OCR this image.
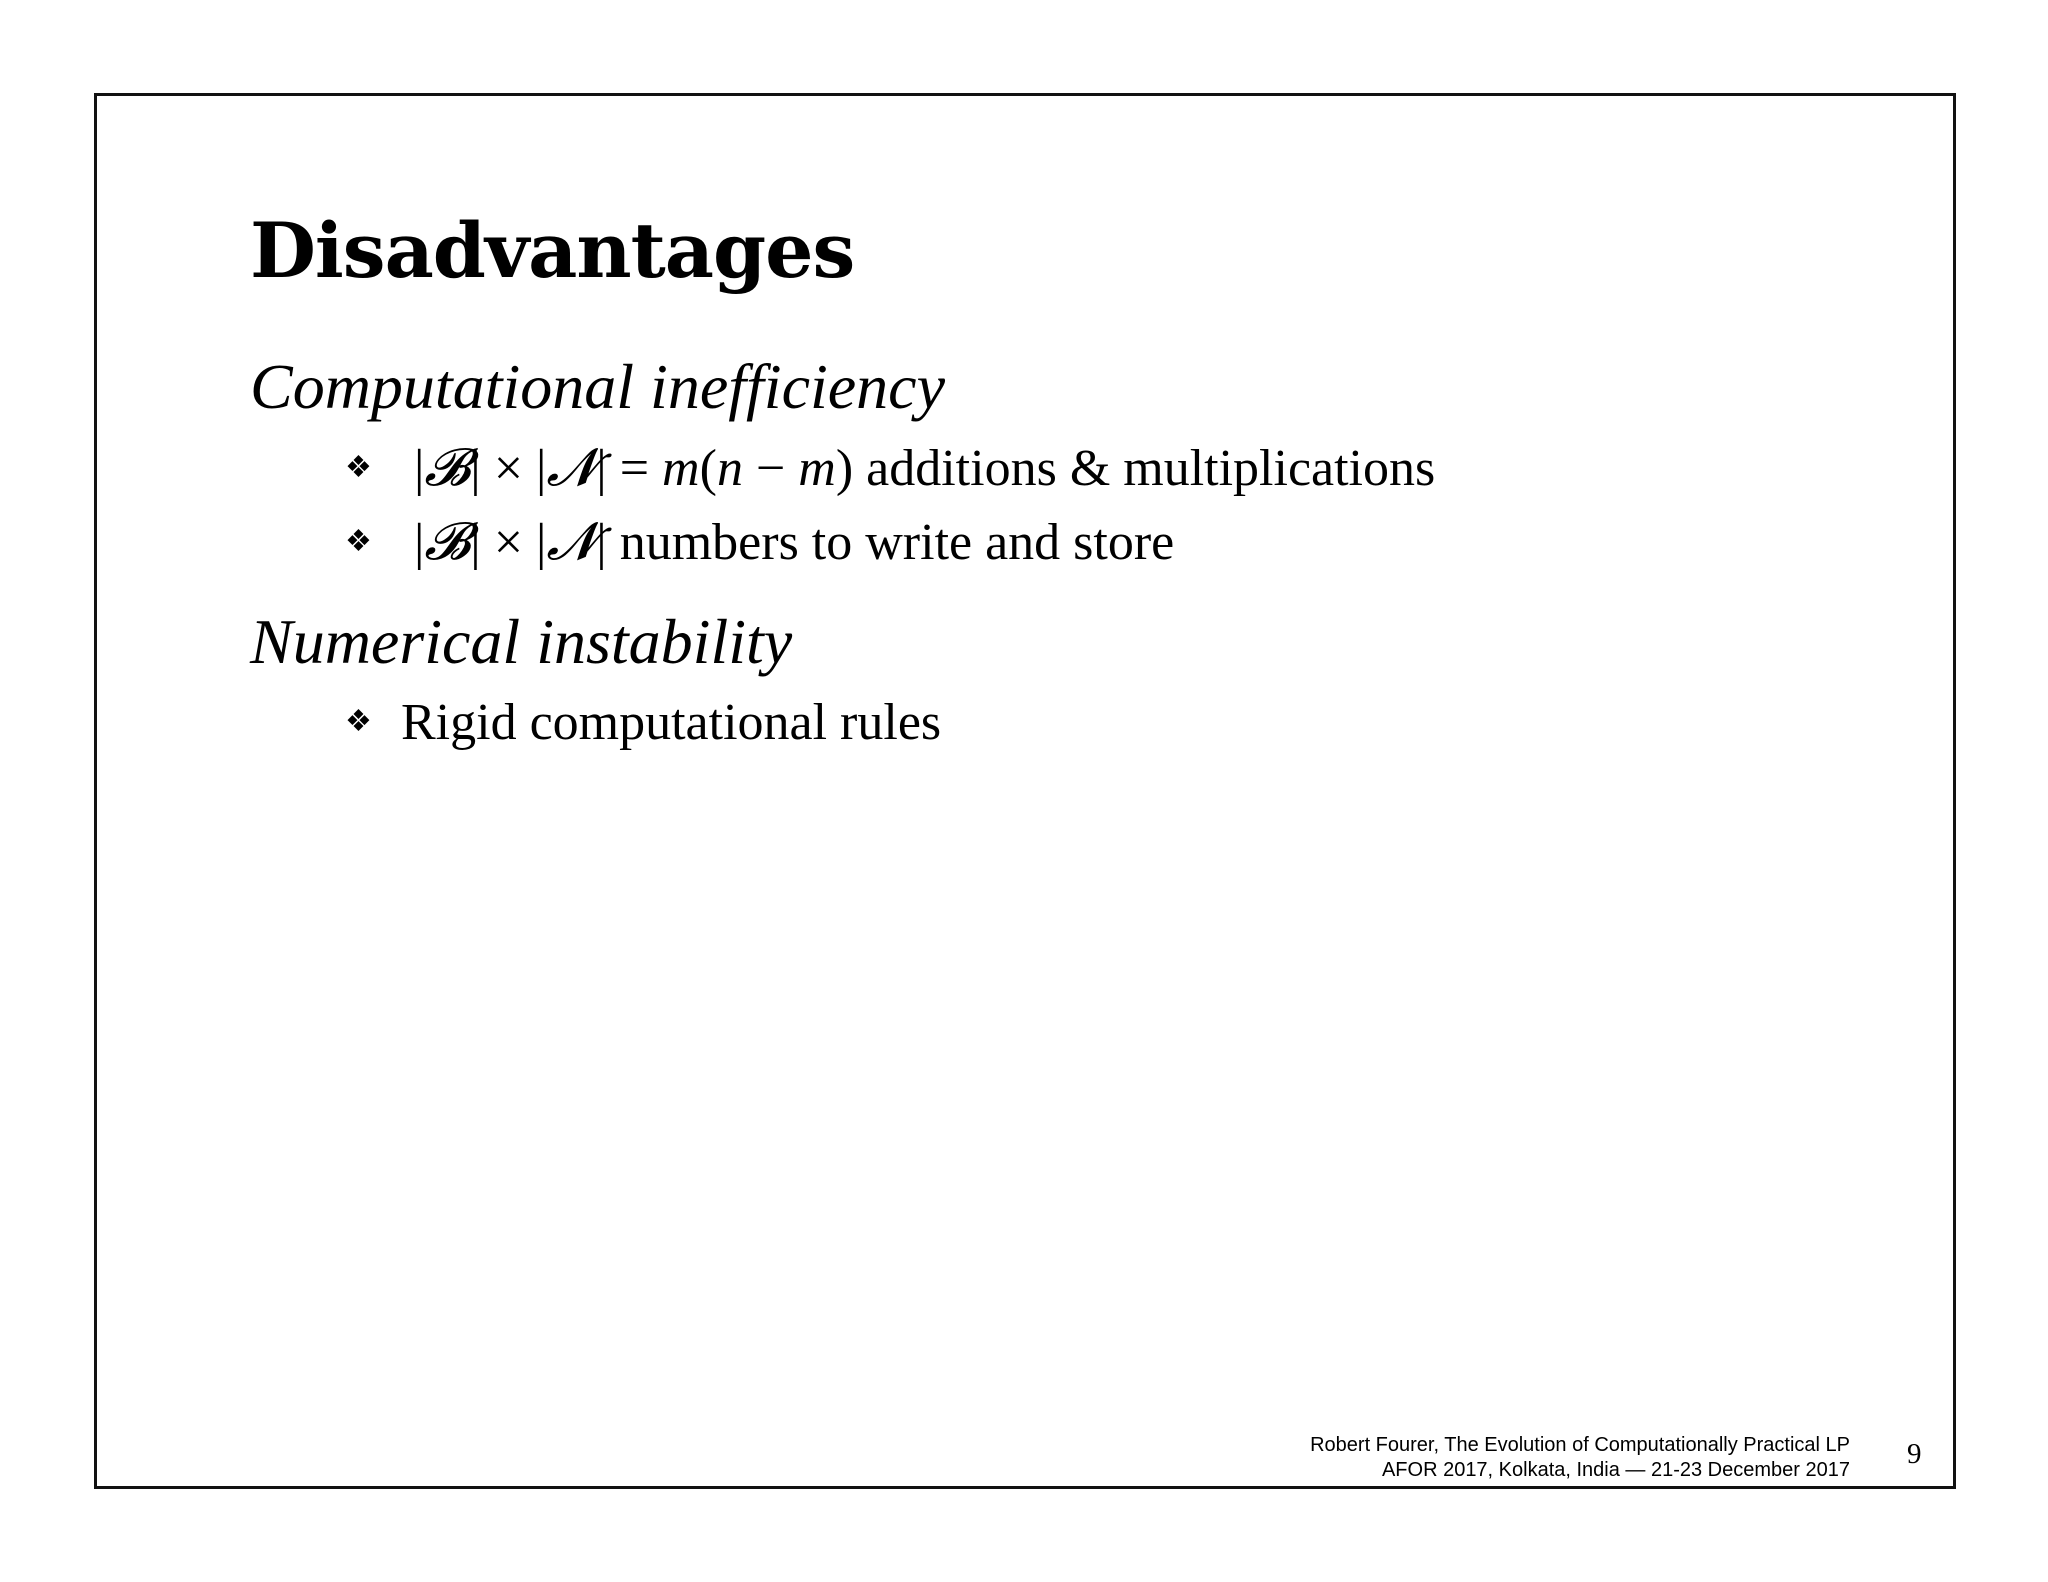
Disadvantages
Computational inefficiency
❖ |𝓑| × |𝓝| = m(n − m) additions & multiplications
❖ |𝓑| × |𝓝| numbers to write and store
Numerical instability
❖ Rigid computational rules
Robert Fourer, The Evolution of Computationally Practical LP
AFOR 2017, Kolkata, India — 21-23 December 2017 9
